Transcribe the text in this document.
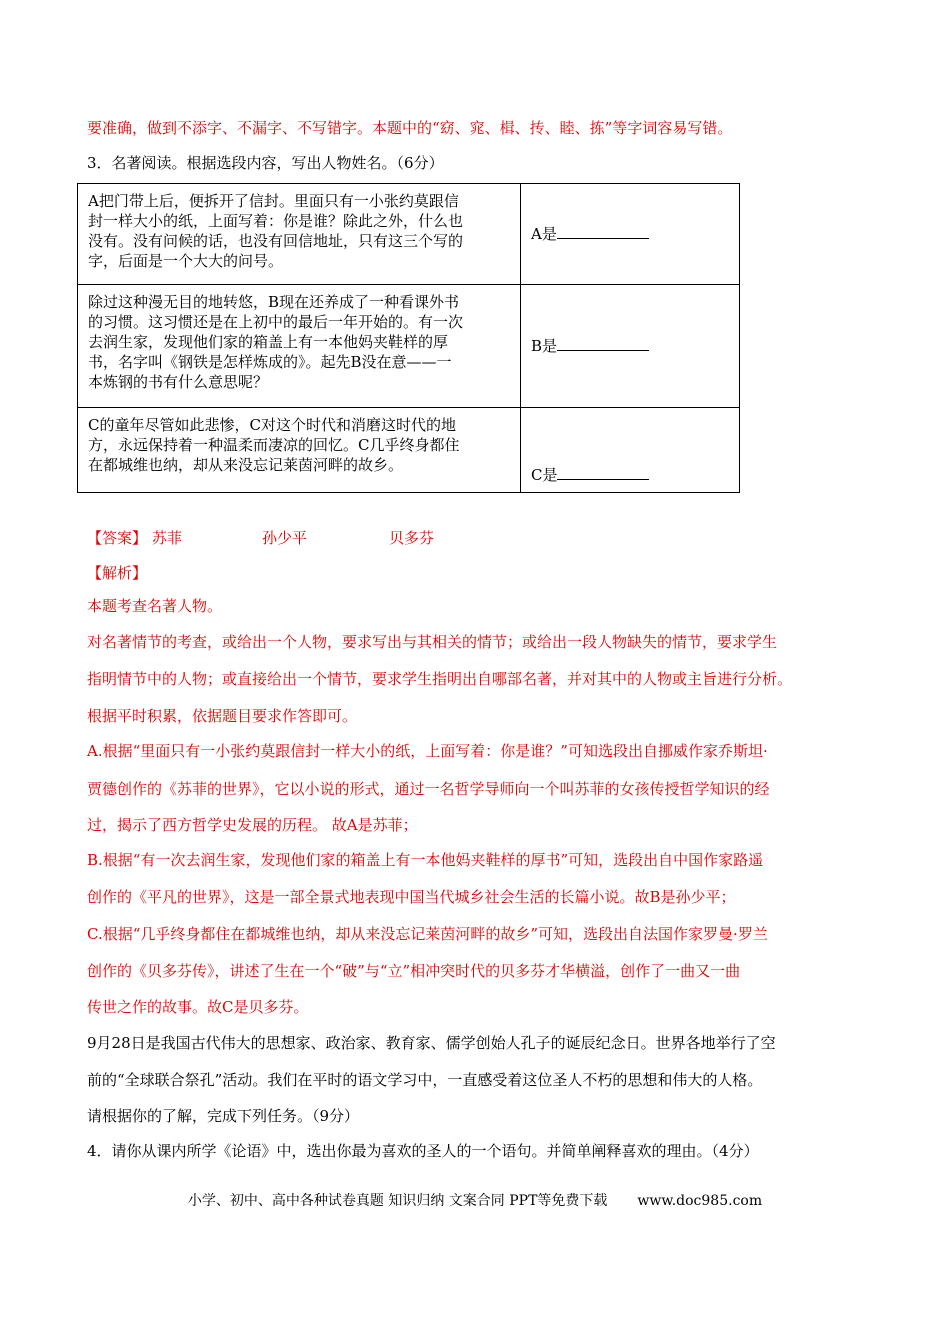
要准确，做到不添字、不漏字、不写错字。本题中的“窈、窕、楫、抟、睦、拣”等字词容易写错。
3．名著阅读。根据选段内容，写出人物姓名。（6分）
A把门带上后，便拆开了信封。里面只有一小张约莫跟信
封一样大小的纸，上面写着：你是谁？除此之外，什么也
没有。没有问候的话，也没有回信地址，只有这三个写的
字，后面是一个大大的问号。	A是

除过这种漫无目的地转悠，B现在还养成了一种看课外书
的习惯。这习惯还是在上初中的最后一年开始的。有一次
去润生家，发现他们家的箱盖上有一本他妈夹鞋样的厚
书，名字叫《钢铁是怎样炼成的》。起先B没在意——一
本炼钢的书有什么意思呢？	B是

C的童年尽管如此悲惨，C对这个时代和消磨这时代的地
方，永远保持着一种温柔而凄凉的回忆。C几乎终身都住
在都城维也纳，却从来没忘记莱茵河畔的故乡。	C是
【答案】 苏菲	孙少平	贝多芬
【解析】
本题考查名著人物。
对名著情节的考查，或给出一个人物，要求写出与其相关的情节；或给出一段人物缺失的情节，要求学生
指明情节中的人物；或直接给出一个情节，要求学生指明出自哪部名著，并对其中的人物或主旨进行分析。
根据平时积累，依据题目要求作答即可。
A.根据“里面只有一小张约莫跟信封一样大小的纸，上面写着：你是谁？”可知选段出自挪威作家乔斯坦·
贾德创作的《苏菲的世界》，它以小说的形式，通过一名哲学导师向一个叫苏菲的女孩传授哲学知识的经
过，揭示了西方哲学史发展的历程。 故A是苏菲；
B.根据“有一次去润生家，发现他们家的箱盖上有一本他妈夹鞋样的厚书”可知，选段出自中国作家路遥
创作的《平凡的世界》，这是一部全景式地表现中国当代城乡社会生活的长篇小说。故B是孙少平；
C.根据“几乎终身都住在都城维也纳，却从来没忘记莱茵河畔的故乡”可知，选段出自法国作家罗曼·罗兰
创作的《贝多芬传》，讲述了生在一个“破”与“立”相冲突时代的贝多芬才华横溢，创作了一曲又一曲
传世之作的故事。故C是贝多芬。
9月28日是我国古代伟大的思想家、政治家、教育家、儒学创始人孔子的诞辰纪念日。世界各地举行了空
前的“全球联合祭孔”活动。我们在平时的语文学习中，一直感受着这位圣人不朽的思想和伟大的人格。
请根据你的了解，完成下列任务。（9分）
4．请你从课内所学《论语》中，选出你最为喜欢的圣人的一个语句。并简单阐释喜欢的理由。（4分）
小学、初中、高中各种试卷真题 知识归纳 文案合同 PPT等免费下载 www.doc985.com
